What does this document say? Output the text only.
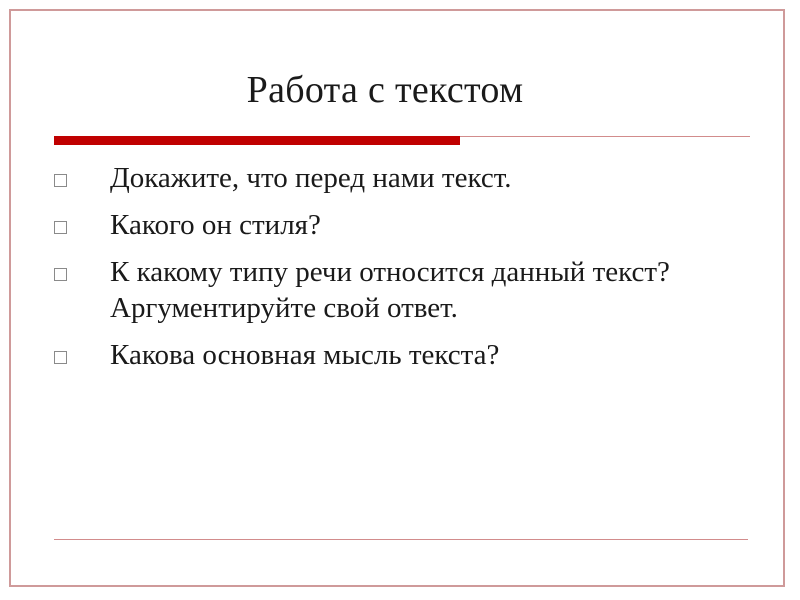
Работа с текстом
Докажите, что перед нами текст.
Какого он стиля?
К какому типу речи относится данный текст? Аргументируйте свой ответ.
Какова основная мысль текста?
